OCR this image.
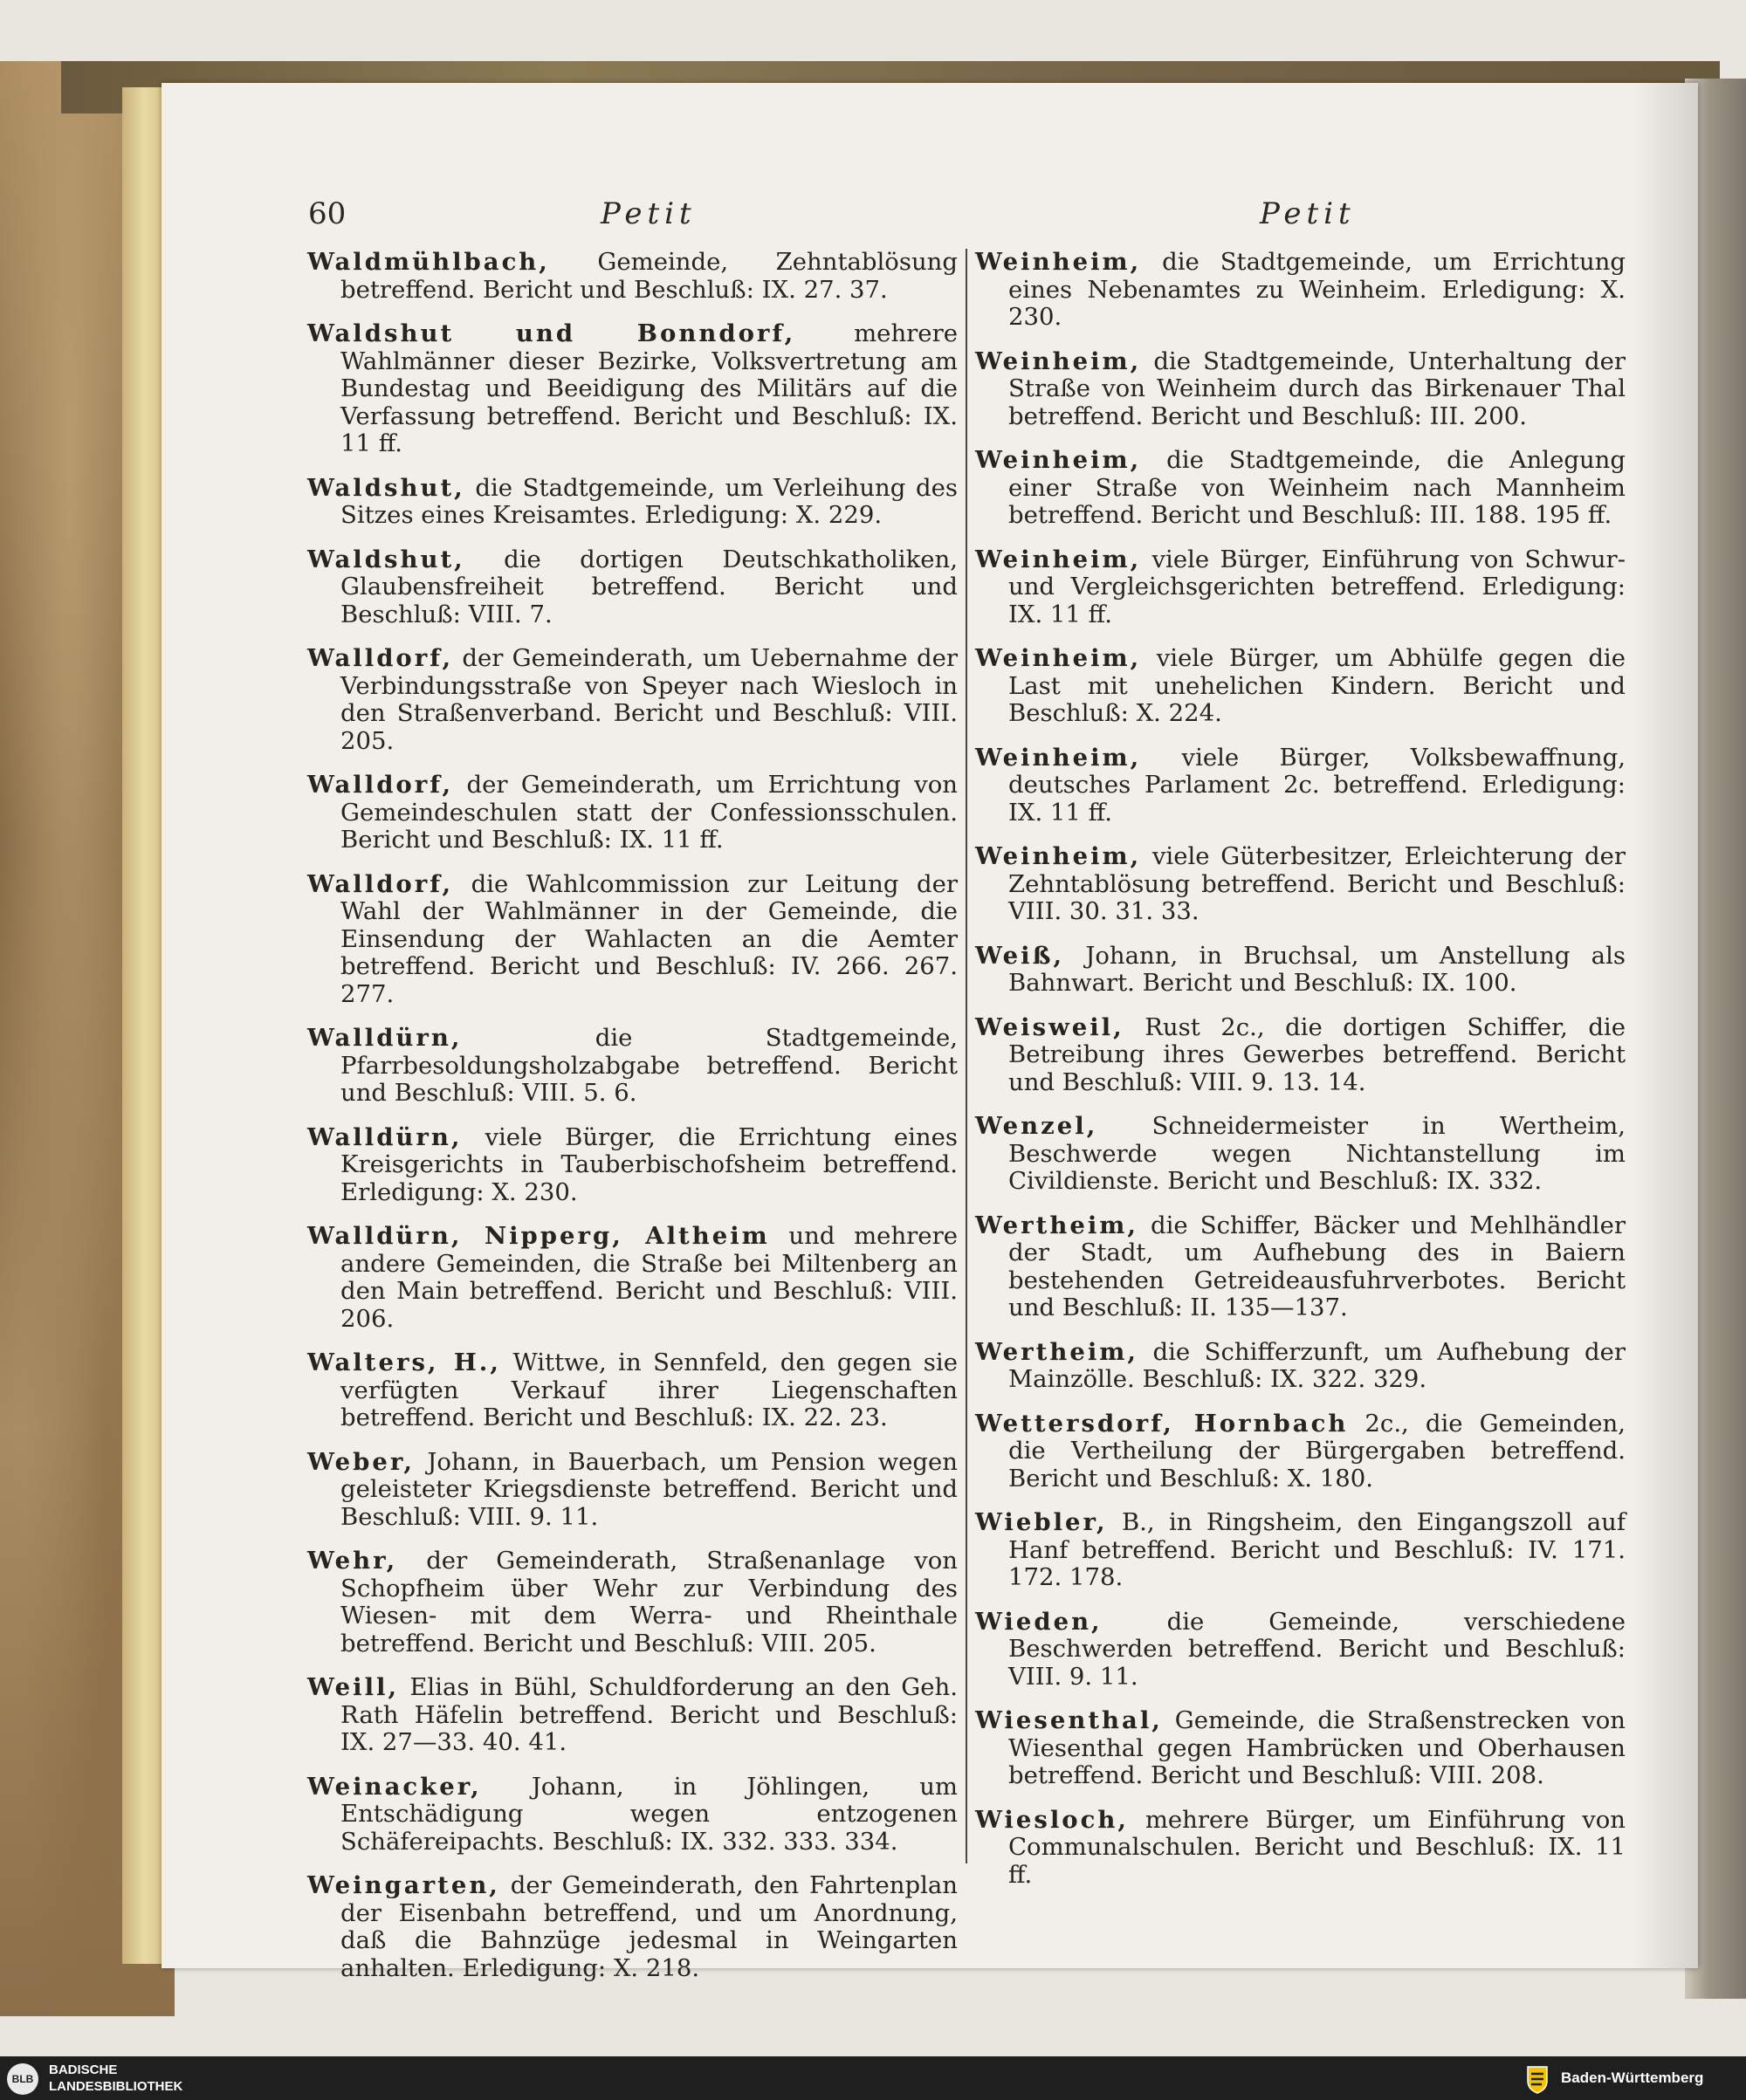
60	Petit	Petit
Waldmühlbach, Gemeinde, Zehntablösung betreffend. Bericht und Beschluß: IX. 27. 37.
Waldshut und Bonndorf, mehrere Wahlmänner dieser Bezirke, Volksvertretung am Bundestag und Beeidigung des Militärs auf die Verfassung betreffend. Bericht und Beschluß: IX. 11 ff.
Waldshut, die Stadtgemeinde, um Verleihung des Sitzes eines Kreisamtes. Erledigung: X. 229.
Waldshut, die dortigen Deutschkatholiken, Glaubensfreiheit betreffend. Bericht und Beschluß: VIII. 7.
Walldorf, der Gemeinderath, um Uebernahme der Verbindungsstraße von Speyer nach Wiesloch in den Straßenverband. Bericht und Beschluß: VIII. 205.
Walldorf, der Gemeinderath, um Errichtung von Gemeindeschulen statt der Confessionsschulen. Bericht und Beschluß: IX. 11 ff.
Walldorf, die Wahlcommission zur Leitung der Wahl der Wahlmänner in der Gemeinde, die Einsendung der Wahlacten an die Aemter betreffend. Bericht und Beschluß: IV. 266. 267. 277.
Walldürn,	die Stadtgemeinde, Pfarrbesoldungsholzabgabe betreffend. Bericht und Beschluß: VIII. 5. 6.
Walldürn, viele Bürger, die Errichtung eines Kreisgerichts in Tauberbischofsheim betreffend. Erledigung: X. 230.
Walldürn, Nipperg, Altheim und mehrere andere Gemeinden, die Straße bei Miltenberg an den Main betreffend. Bericht und Beschluß: VIII. 206.
Walters, H., Wittwe, in Sennfeld, den gegen sie verfügten Verkauf ihrer Liegenschaften betreffend. Bericht und Beschluß: IX. 22. 23.
Weber, Johann, in Bauerbach, um Pension wegen geleisteter Kriegsdienste betreffend. Bericht und Beschluß: VIII. 9. 11.
Wehr, der Gemeinderath, Straßenanlage von Schopfheim über Wehr zur Verbindung des Wiesen- mit dem Werra- und Rheinthale betreffend. Bericht und Beschluß: VIII. 205.
Weill, Elias in Bühl, Schuldforderung an den Geh. Rath Häfelin betreffend. Bericht und Beschluß: IX. 27—33. 40. 41.
Weinacker, Johann, in Jöhlingen, um Entschädigung wegen entzogenen Schäfereipachts. Beschluß: IX. 332. 333. 334.
Weingarten, der Gemeinderath, den Fahrtenplan der Eisenbahn betreffend, und um Anordnung, daß die Bahnzüge jedesmal in Weingarten anhalten. Erledigung: X. 218.
Weinheim, die Stadtgemeinde, um Errichtung eines Nebenamtes zu Weinheim. Erledigung: X. 230.
Weinheim, die Stadtgemeinde, Unterhaltung der Straße von Weinheim durch das Birkenauer Thal betreffend. Bericht und Beschluß: III. 200.
Weinheim, die Stadtgemeinde, die Anlegung einer Straße von Weinheim nach Mannheim betreffend. Bericht und Beschluß: III. 188. 195 ff.
Weinheim, viele Bürger, Einführung von Schwur- und Vergleichsgerichten betreffend. Erledigung: IX. 11 ff.
Weinheim, viele Bürger, um Abhülfe gegen die Last mit unehelichen Kindern. Bericht und Beschluß: X. 224.
Weinheim, viele Bürger, Volksbewaffnung, deutsches Parlament 2c. betreffend. Erledigung: IX. 11 ff.
Weinheim, viele Güterbesitzer, Erleichterung der Zehntablösung betreffend. Bericht und Beschluß: VIII. 30. 31. 33.
Weiß, Johann, in Bruchsal, um Anstellung als Bahnwart. Bericht und Beschluß: IX. 100.
Weisweil, Rust 2c., die dortigen Schiffer, die Betreibung ihres Gewerbes betreffend. Bericht und Beschluß: VIII. 9. 13. 14.
Wenzel, Schneidermeister in Wertheim, Beschwerde wegen Nichtanstellung im Civildienste. Bericht und Beschluß: IX. 332.
Wertheim, die Schiffer, Bäcker und Mehlhändler der Stadt, um Aufhebung des in Baiern bestehenden Getreideausfuhrverbotes. Bericht und Beschluß: II. 135—137.
Wertheim, die Schifferzunft, um Aufhebung der Mainzölle. Beschluß: IX. 322. 329.
Wettersdorf, Hornbach 2c., die Gemeinden, die Vertheilung der Bürgergaben betreffend. Bericht und Beschluß: X. 180.
Wiebler, B., in Ringsheim, den Eingangszoll auf Hanf betreffend. Bericht und Beschluß: IV. 171. 172. 178.
Wieden,	die Gemeinde, verschiedene Beschwerden betreffend. Bericht und Beschluß: VIII. 9. 11.
Wiesenthal, Gemeinde, die Straßenstrecken von Wiesenthal gegen Hambrücken und Oberhausen betreffend. Bericht und Beschluß: VIII. 208.
Wiesloch, mehrere Bürger, um Einführung von Communalschulen. Bericht und Beschluß: IX. 11 ff.
BLB
BADISCHE
LANDESBIBLIOTHEK
Baden-Württemberg
